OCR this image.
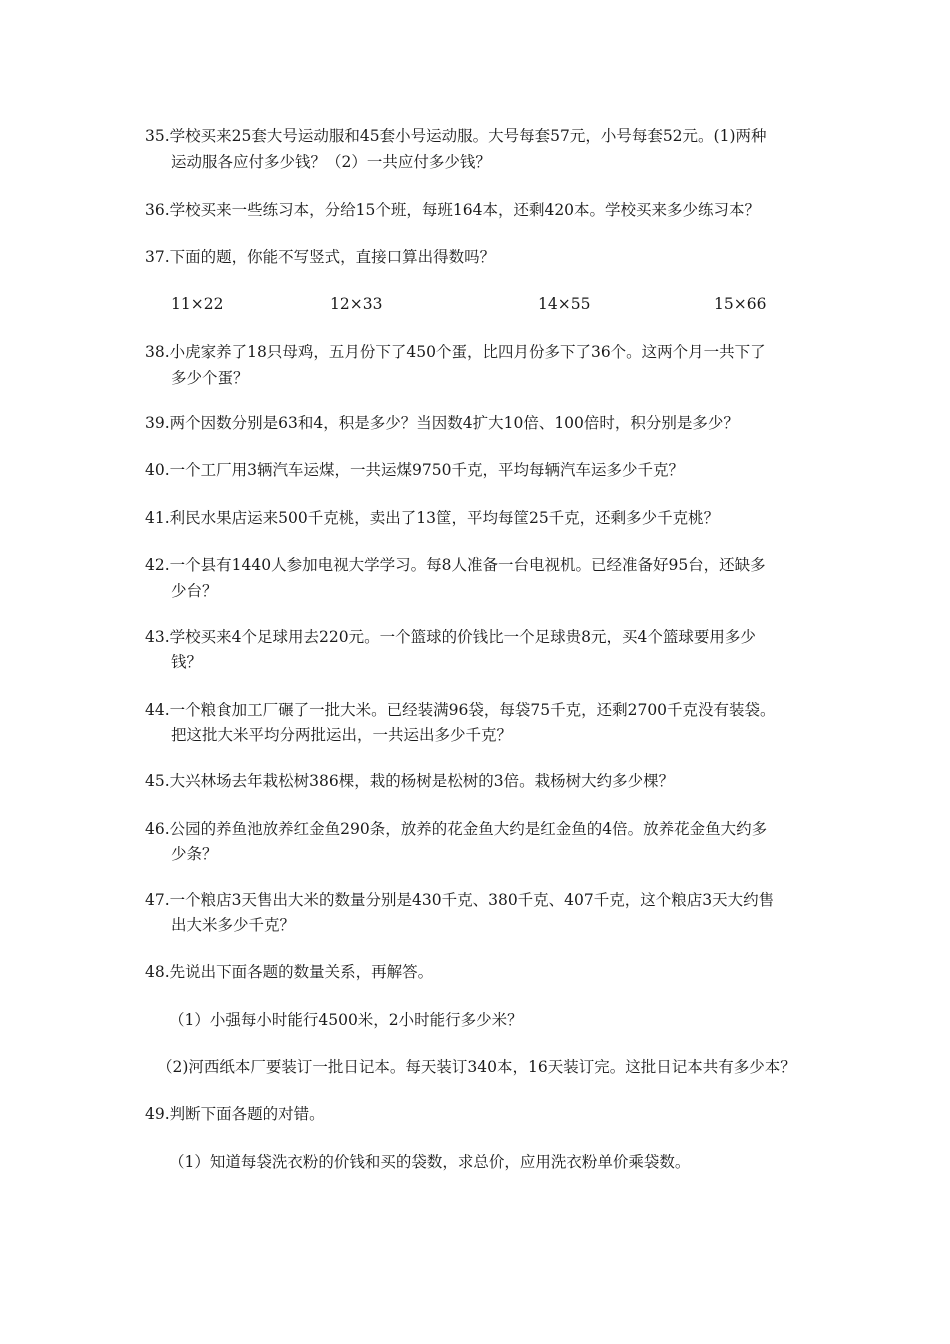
35.学校买来25套大号运动服和45套小号运动服。大号每套57元，小号每套52元。(1)两种
运动服各应付多少钱？（2）一共应付多少钱？
36.学校买来一些练习本，分给15个班，每班164本，还剩420本。学校买来多少练习本？
37.下面的题，你能不写竖式，直接口算出得数吗？
11×22	12×33	14×55	15×66
38.小虎家养了18只母鸡，五月份下了450个蛋，比四月份多下了36个。这两个月一共下了
多少个蛋？
39.两个因数分别是63和4，积是多少？当因数4扩大10倍、100倍时，积分别是多少？
40.一个工厂用3辆汽车运煤，一共运煤9750千克，平均每辆汽车运多少千克？
41.利民水果店运来500千克桃，卖出了13筐，平均每筐25千克，还剩多少千克桃？
42.一个县有1440人参加电视大学学习。每8人准备一台电视机。已经准备好95台，还缺多
少台？
43.学校买来4个足球用去220元。一个篮球的价钱比一个足球贵8元，买4个篮球要用多少
钱？
44.一个粮食加工厂碾了一批大米。已经装满96袋，每袋75千克，还剩2700千克没有装袋。
把这批大米平均分两批运出，一共运出多少千克？
45.大兴林场去年栽松树386棵，栽的杨树是松树的3倍。栽杨树大约多少棵？
46.公园的养鱼池放养红金鱼290条，放养的花金鱼大约是红金鱼的4倍。放养花金鱼大约多
少条？
47.一个粮店3天售出大米的数量分别是430千克、380千克、407千克，这个粮店3天大约售
出大米多少千克？
48.先说出下面各题的数量关系，再解答。
（1）小强每小时能行4500米，2小时能行多少米？
（2)河西纸本厂要装订一批日记本。每天装订340本，16天装订完。这批日记本共有多少本？
49.判断下面各题的对错。
（1）知道每袋洗衣粉的价钱和买的袋数，求总价，应用洗衣粉单价乘袋数。
